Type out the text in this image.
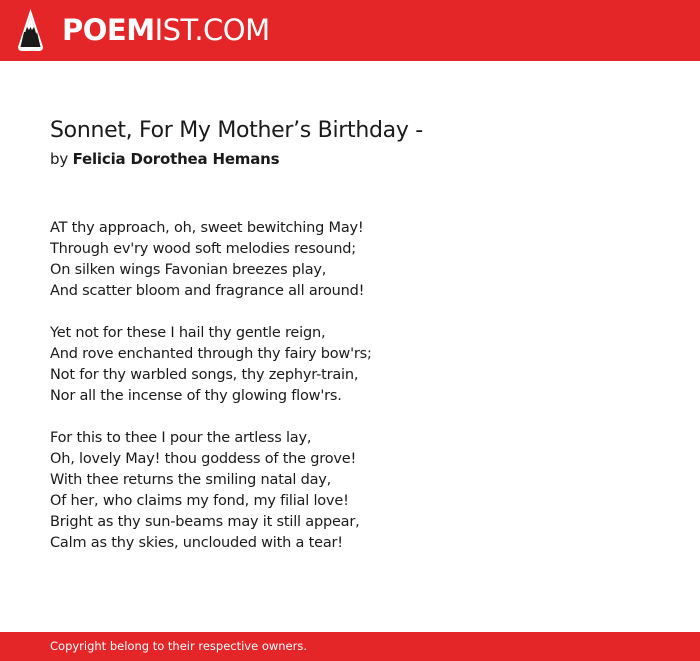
POEMIST.COM
Sonnet, For My Mother’s Birthday -
by Felicia Dorothea Hemans
AT thy approach, oh, sweet bewitching May!
Through ev'ry wood soft melodies resound;
On silken wings Favonian breezes play,
And scatter bloom and fragrance all around!
Yet not for these I hail thy gentle reign,
And rove enchanted through thy fairy bow'rs;
Not for thy warbled songs, thy zephyr-train,
Nor all the incense of thy glowing flow'rs.
For this to thee I pour the artless lay,
Oh, lovely May! thou goddess of the grove!
With thee returns the smiling natal day,
Of her, who claims my fond, my filial love!
Bright as thy sun-beams may it still appear,
Calm as thy skies, unclouded with a tear!
Copyright belong to their respective owners.
